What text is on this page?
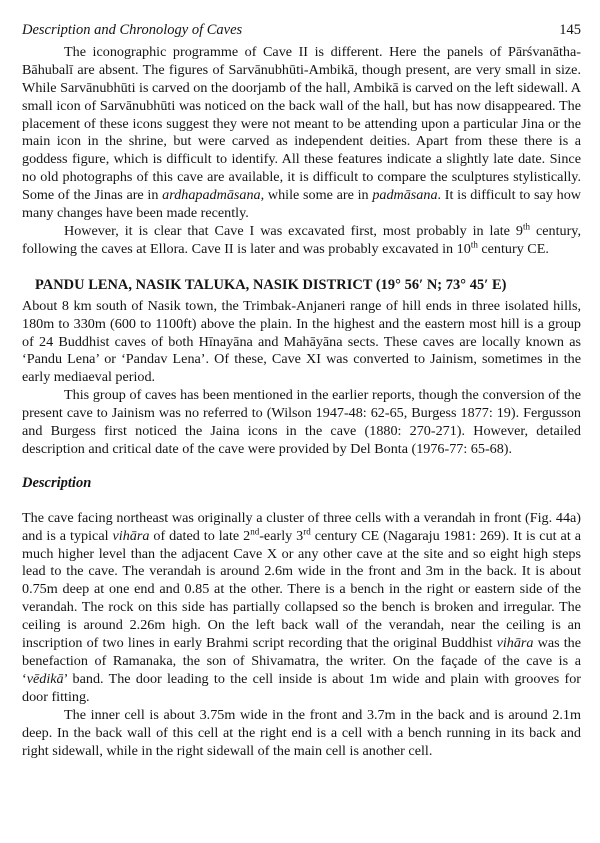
Description and Chronology of Caves	145

The iconographic programme of Cave II is different. Here the panels of Pārśvanātha-Bāhubalī are absent. The figures of Sarvānubhūti-Ambikā, though present, are very small in size. While Sarvānubhūti is carved on the doorjamb of the hall, Ambikā is carved on the left sidewall. A small icon of Sarvānubhūti was noticed on the back wall of the hall, but has now disappeared. The placement of these icons suggest they were not meant to be attending upon a particular Jina or the main icon in the shrine, but were carved as independent deities. Apart from these there is a goddess figure, which is difficult to identify. All these features indicate a slightly late date. Since no old photographs of this cave are available, it is difficult to compare the sculptures stylistically. Some of the Jinas are in ardhapadmāsana, while some are in padmāsana. It is difficult to say how many changes have been made recently.

However, it is clear that Cave I was excavated first, most probably in late 9th century, following the caves at Ellora. Cave II is later and was probably excavated in 10th century CE.

PANDU LENA, NASIK TALUKA, NASIK DISTRICT (19° 56′ N; 73° 45′ E)

About 8 km south of Nasik town, the Trimbak-Anjaneri range of hill ends in three isolated hills, 180m to 330m (600 to 1100ft) above the plain. In the highest and the eastern most hill is a group of 24 Buddhist caves of both Hīnayāna and Mahāyāna sects. These caves are locally known as ‘Pandu Lena’ or ‘Pandav Lena’. Of these, Cave XI was converted to Jainism, sometimes in the early mediaeval period.

This group of caves has been mentioned in the earlier reports, though the conversion of the present cave to Jainism was no referred to (Wilson 1947-48: 62-65, Burgess 1877: 19). Fergusson and Burgess first noticed the Jaina icons in the cave (1880: 270-271). However, detailed description and critical date of the cave were provided by Del Bonta (1976-77: 65-68).

Description

The cave facing northeast was originally a cluster of three cells with a verandah in front (Fig. 44a) and is a typical vihāra of dated to late 2nd-early 3rd century CE (Nagaraju 1981: 269). It is cut at a much higher level than the adjacent Cave X or any other cave at the site and so eight high steps lead to the cave. The verandah is around 2.6m wide in the front and 3m in the back. It is about 0.75m deep at one end and 0.85 at the other. There is a bench in the right or eastern side of the verandah. The rock on this side has partially collapsed so the bench is broken and irregular. The ceiling is around 2.26m high. On the left back wall of the verandah, near the ceiling is an inscription of two lines in early Brahmi script recording that the original Buddhist vihāra was the benefaction of Ramanaka, the son of Shivamatra, the writer. On the façade of the cave is a ‘vēdikā’ band. The door leading to the cell inside is about 1m wide and plain with grooves for door fitting.

The inner cell is about 3.75m wide in the front and 3.7m in the back and is around 2.1m deep. In the back wall of this cell at the right end is a cell with a bench running in its back and right sidewall, while in the right sidewall of the main cell is another cell.
